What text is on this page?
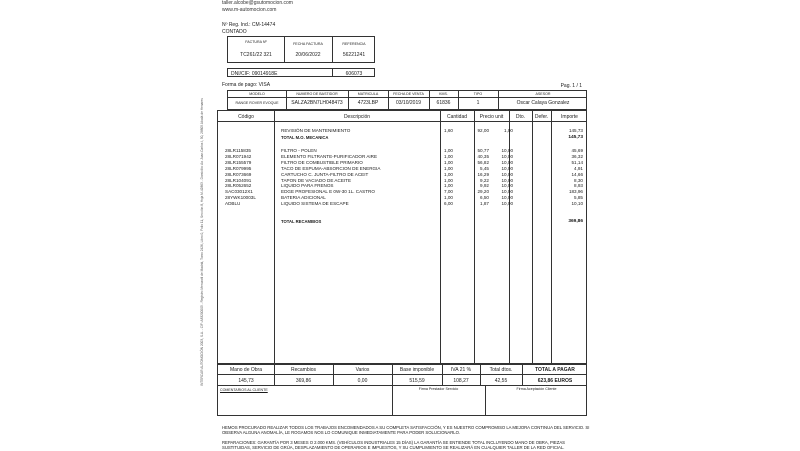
INTERCAR AUTOMOCIÓN 2003, S.A. - CIF: A83200005 - Registro Mercantil de Madrid, Tomo 2426, Libro 0, Folio 11, Sección 8, Hoja M-42863 - Domicilio: Av. Juan Carlos I, 50, 28805 Alcalá de Henares
taller.alcobe@gsutomocion.com
www.m-automocion.com
Nº Reg. Ind.: CM-14474
CONTADO
FACTURA Nº	FECHA FACTURA	REFERENCIA
TC261/22 321	20/06/2022	56221241
DNI/CIF: 09014918E	606073
Forma de pago: VISA	Pag. 1 / 1
MODELO	NUMERO DE BASTIDOR	MATRICULA	FECHA DE VENTA	KMS.	TIPO	ASESOR
RANGE ROVER EVOQUE	SALZA2BN7LH048473	4723LBP	03/10/2019	61836	1	Oscar Calaya Gonzalez
Código	Descripción	Cantidad	Precio unit	Dto.	Defer.	Importe
REVISIÓN DE MANTENIMIENTO	1,60	92,00	1,00	145,73
TOTAL M.O. MECANICA	145,73
28LR115835	FILTRO - POLEN	1,00	50,77	10,00	45,69
28LR071942	ELEMENTO FILTRANTE-PURIFICADOR AIRE	1,00	40,35	10,00	36,32
28LR155579	FILTRO DE COMBUSTIBLE PRIMARIO	1,00	56,82	10,00	51,14
28LR079995	TACO DE ESPUMA-ABSORCION DE ENERGIA	1,00	5,45	10,00	4,91
28LR073669	CARTUCHO C. JUNTA-FILTRO DE ACEIT	1,00	16,29	10,00	14,66
28LR104091	TAPON DE VACIADO DE ACEITE	1,00	9,22	10,00	8,30
28LR052652	LIQUIDO PARA FRENOS	1,00	9,92	10,00	8,93
SAC03012X1	EDGE PROFESIONAL E 0W-30 1L. CASTRO	7,00	29,20	10,00	183,96
28YWK10003L	BATERIA ADICIONAL	1,00	6,50	10,00	5,85
ADBLU	LIQUIDO SISTEMA DE ESCAPE	6,00	1,87	10,00	10,10
TOTAL RECAMBIOS	369,86
Mano de Obra	Recambios	Varios	Base imponible	IVA 21 %	Total dtos.	TOTAL A PAGAR
145,73	369,86	0,00	515,59	108,27	42,55	623,86 EUROS
COMENTARIOS AL CLIENTE	Firma Prestador Servicio	Firma Aceptación Cliente
HEMOS PROCURADO REALIZAR TODOS LOS TRABAJOS ENCOMENDADOS A SU COMPLETA SATISFACCIÓN, Y ES NUESTRO COMPROMISO LA MEJORA CONTINUA DEL SERVICIO. SI OBSERVA ALGUNA ANOMALÍA, LE ROGAMOS NOS LO COMUNIQUE INMEDIATAMENTE PARA PODER SOLUCIONARLO.
REPARACIONES: GARANTÍA POR 3 MESES O 2.000 KMS. (VEHÍCULOS INDUSTRIALES 15 DÍAS) LA GARANTÍA SE ENTIENDE TOTAL INCLUYENDO MANO DE OBRA, PIEZAS SUSTITUIDAS, SERVICIO DE GRÚA, DESPLAZAMIENTO DE OPERARIOS E IMPUESTOS, Y SU CUMPLIMIENTO SE REALIZARÁ EN CUALQUIER TALLER DE LA RED OFICIAL.
